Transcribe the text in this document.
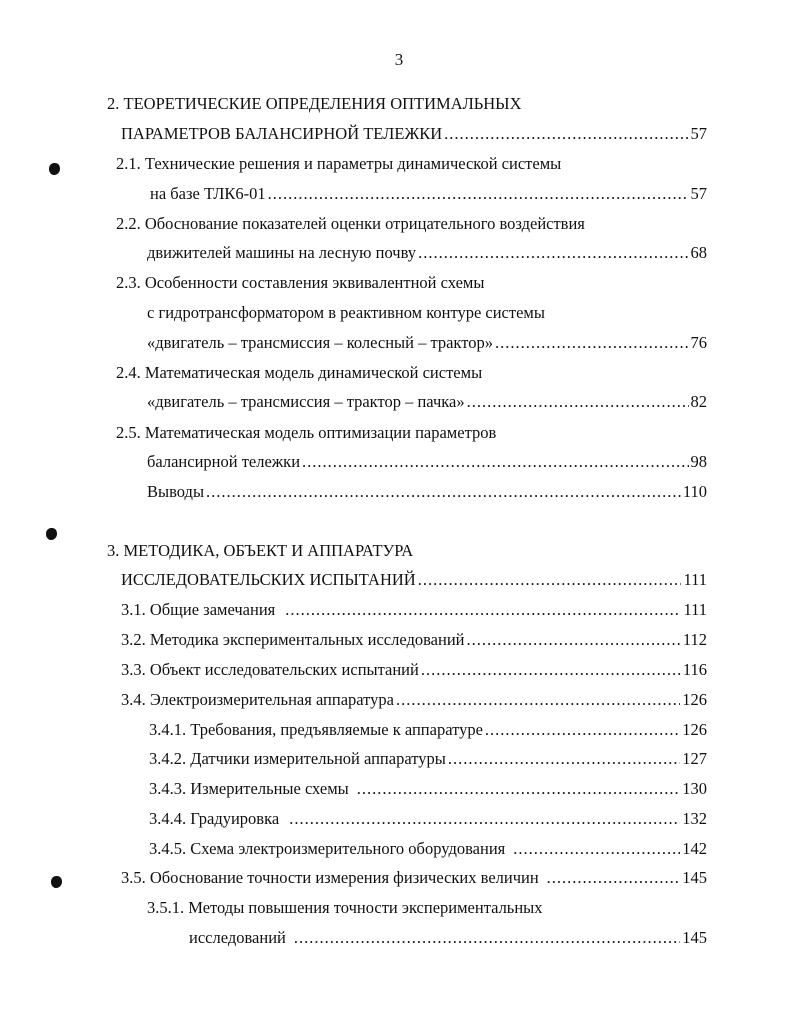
3
2. ТЕОРЕТИЧЕСКИЕ ОПРЕДЕЛЕНИЯ ОПТИМАЛЬНЫХ
ПАРАМЕТРОВ БАЛАНСИРНОЙ ТЕЛЕЖКИ .....	57
2.1. Технические решения и параметры динамической системы
на базе ТЛК6-01 .....	57
2.2. Обоснование показателей оценки отрицательного воздействия
движителей машины на лесную почву .....	68
2.3. Особенности составления эквивалентной схемы
с гидротрансформатором в реактивном контуре системы
«двигатель – трансмиссия – колесный – трактор» .....	76
2.4. Математическая модель динамической системы
«двигатель – трансмиссия – трактор – пачка» .....	82
2.5. Математическая модель оптимизации параметров
балансирной тележки .....	98
Выводы .....	110
3. МЕТОДИКА, ОБЪЕКТ И АППАРАТУРА
ИССЛЕДОВАТЕЛЬСКИХ ИСПЫТАНИЙ .....	111
3.1. Общие замечания .....	111
3.2. Методика экспериментальных исследований .....	112
3.3. Объект исследовательских испытаний .....	116
3.4. Электроизмерительная аппаратура .....	126
3.4.1. Требования, предъявляемые к аппаратуре .....	126
3.4.2. Датчики измерительной аппаратуры .....	127
3.4.3. Измерительные схемы .....	130
3.4.4. Градуировка .....	132
3.4.5. Схема электроизмерительного оборудования .....	142
3.5. Обоснование точности измерения физических величин .....	145
3.5.1. Методы повышения точности экспериментальных
исследований .....	145
